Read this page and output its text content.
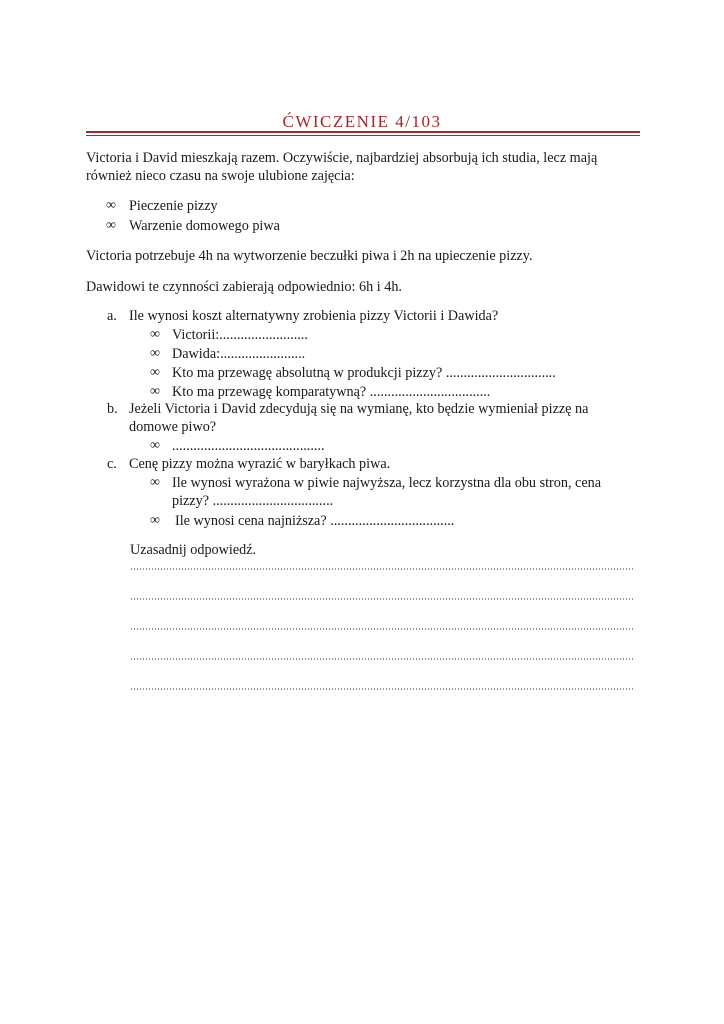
ĆWICZENIE 4/103
Victoria i David mieszkają razem. Oczywiście, najbardziej absorbują ich studia, lecz mają
również nieco czasu na swoje ulubione zajęcia:
∞ Pieczenie pizzy
∞ Warzenie domowego piwa
Victoria potrzebuje 4h na wytworzenie beczułki piwa i 2h na upieczenie pizzy.
Dawidowi te czynności zabierają odpowiednio: 6h i 4h.
a. Ile wynosi koszt alternatywny zrobienia pizzy Victorii i Dawida?
∞ Victorii:.........................
∞ Dawida:........................
∞ Kto ma przewagę absolutną w produkcji pizzy? ...............................
∞ Kto ma przewagę komparatywną? ..................................
b. Jeżeli Victoria i David zdecydują się na wymianę, kto będzie wymieniał pizzę na
domowe piwo?
∞ ...........................................
c. Cenę pizzy można wyrazić w baryłkach piwa.
∞ Ile wynosi wyrażona w piwie najwyższa, lecz korzystna dla obu stron, cena
pizzy? ..................................
∞ Ile wynosi cena najniższa? ...................................
Uzasadnij odpowiedź.
